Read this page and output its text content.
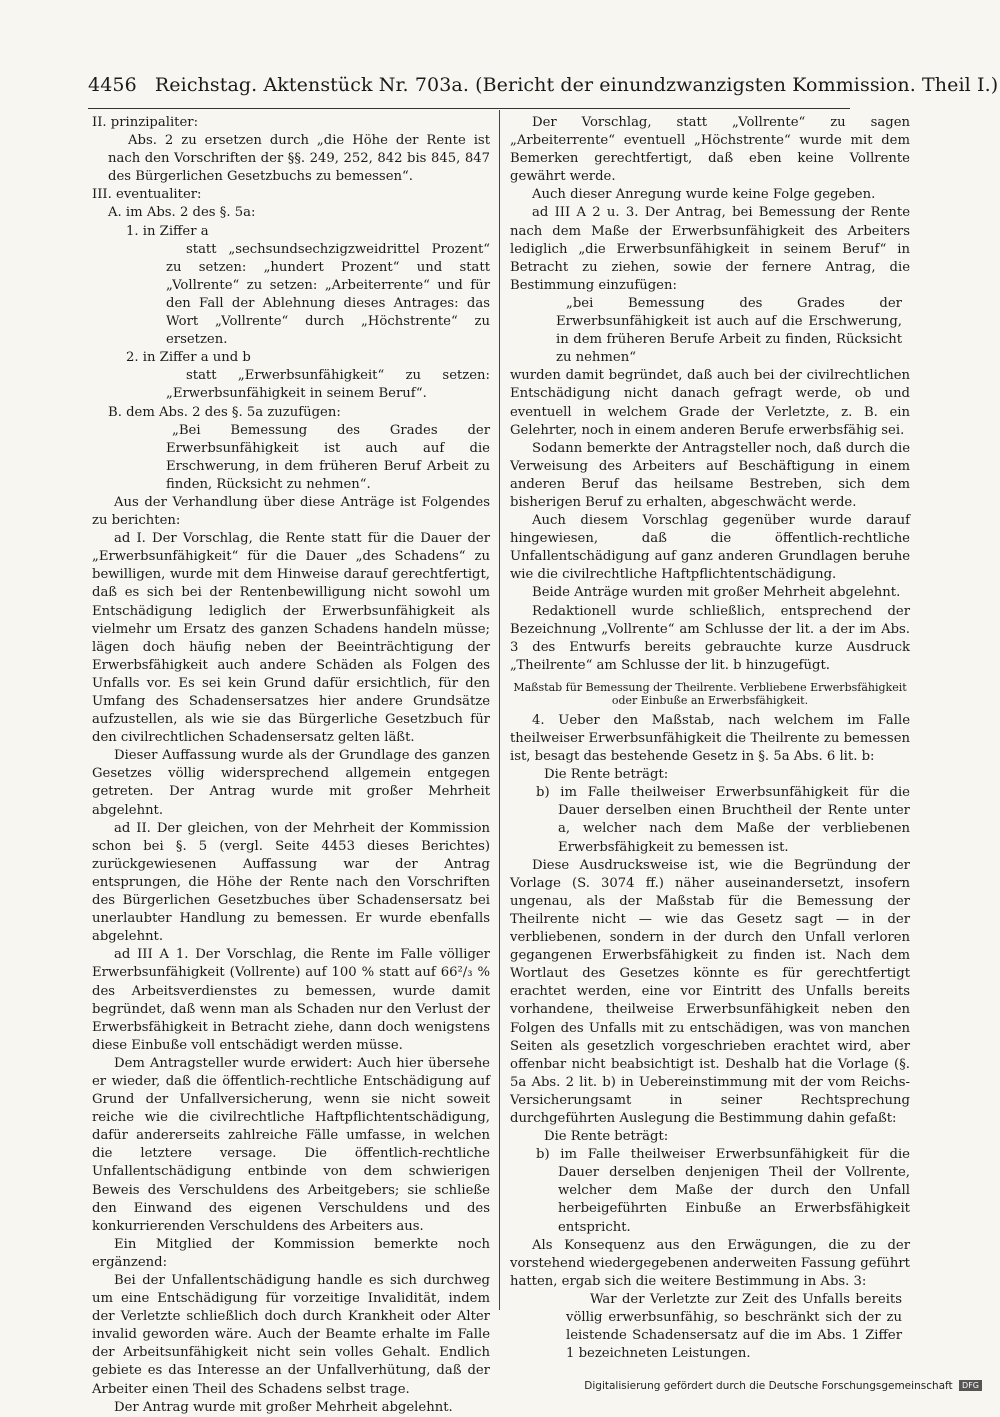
4456 Reichstag. Aktenstück Nr. 703a. (Bericht der einundzwanzigsten Kommission. Theil I.)

II. prinzipaliter:

Abs. 2 zu ersetzen durch „die Höhe der Rente ist nach den Vorschriften der §§. 249, 252, 842 bis 845, 847 des Bürgerlichen Gesetzbuchs zu bemessen“.

III. eventualiter:

A. im Abs. 2 des §. 5a:

1. in Ziffer a

statt „sechsundsechzigzweidrittel Prozent“ zu setzen: „hundert Prozent“ und statt „Vollrente“ zu setzen: „Arbeiterrente“ und für den Fall der Ablehnung dieses Antrages: das Wort „Vollrente“ durch „Höchstrente“ zu ersetzen.

2. in Ziffer a und b

statt „Erwerbsunfähigkeit“ zu setzen: „Erwerbsunfähigkeit in seinem Beruf“.

B. dem Abs. 2 des §. 5a zuzufügen:

„Bei Bemessung des Grades der Erwerbsunfähigkeit ist auch auf die Erschwerung, in dem früheren Beruf Arbeit zu finden, Rücksicht zu nehmen“.

Aus der Verhandlung über diese Anträge ist Folgendes zu berichten:

ad I. Der Vorschlag, die Rente statt für die Dauer der „Erwerbsunfähigkeit“ für die Dauer „des Schadens“ zu bewilligen, wurde mit dem Hinweise darauf gerechtfertigt, daß es sich bei der Rentenbewilligung nicht sowohl um Entschädigung lediglich der Erwerbsunfähigkeit als vielmehr um Ersatz des ganzen Schadens handeln müsse; lägen doch häufig neben der Beeinträchtigung der Erwerbsfähigkeit auch andere Schäden als Folgen des Unfalls vor. Es sei kein Grund dafür ersichtlich, für den Umfang des Schadensersatzes hier andere Grundsätze aufzustellen, als wie sie das Bürgerliche Gesetzbuch für den civilrechtlichen Schadensersatz gelten läßt.

Dieser Auffassung wurde als der Grundlage des ganzen Gesetzes völlig widersprechend allgemein entgegen getreten. Der Antrag wurde mit großer Mehrheit abgelehnt.

ad II. Der gleichen, von der Mehrheit der Kommission schon bei §. 5 (vergl. Seite 4453 dieses Berichtes) zurückgewiesenen Auffassung war der Antrag entsprungen, die Höhe der Rente nach den Vorschriften des Bürgerlichen Gesetzbuches über Schadensersatz bei unerlaubter Handlung zu bemessen. Er wurde ebenfalls abgelehnt.

ad III A 1. Der Vorschlag, die Rente im Falle völliger Erwerbsunfähigkeit (Vollrente) auf 100 % statt auf 66²/₃ % des Arbeitsverdienstes zu bemessen, wurde damit begründet, daß wenn man als Schaden nur den Verlust der Erwerbsfähigkeit in Betracht ziehe, dann doch wenigstens diese Einbuße voll entschädigt werden müsse.

Dem Antragsteller wurde erwidert: Auch hier übersehe er wieder, daß die öffentlich-rechtliche Entschädigung auf Grund der Unfallversicherung, wenn sie nicht soweit reiche wie die civilrechtliche Haftpflichtentschädigung, dafür andererseits zahlreiche Fälle umfasse, in welchen die letztere versage. Die öffentlich-rechtliche Unfallentschädigung entbinde von dem schwierigen Beweis des Verschuldens des Arbeitgebers; sie schließe den Einwand des eigenen Verschuldens und des konkurrierenden Verschuldens des Arbeiters aus.

Ein Mitglied der Kommission bemerkte noch ergänzend:

Bei der Unfallentschädigung handle es sich durchweg um eine Entschädigung für vorzeitige Invalidität, indem der Verletzte schließlich doch durch Krankheit oder Alter invalid geworden wäre. Auch der Beamte erhalte im Falle der Arbeitsunfähigkeit nicht sein volles Gehalt. Endlich gebiete es das Interesse an der Unfallverhütung, daß der Arbeiter einen Theil des Schadens selbst trage.

Der Antrag wurde mit großer Mehrheit abgelehnt.

Der Vorschlag, statt „Vollrente“ zu sagen „Arbeiterrente“ eventuell „Höchstrente“ wurde mit dem Bemerken gerechtfertigt, daß eben keine Vollrente gewährt werde.

Auch dieser Anregung wurde keine Folge gegeben.

ad III A 2 u. 3. Der Antrag, bei Bemessung der Rente nach dem Maße der Erwerbsunfähigkeit des Arbeiters lediglich „die Erwerbsunfähigkeit in seinem Beruf“ in Betracht zu ziehen, sowie der fernere Antrag, die Bestimmung einzufügen:

„bei Bemessung des Grades der Erwerbsunfähigkeit ist auch auf die Erschwerung, in dem früheren Berufe Arbeit zu finden, Rücksicht zu nehmen“

wurden damit begründet, daß auch bei der civilrechtlichen Entschädigung nicht danach gefragt werde, ob und eventuell in welchem Grade der Verletzte, z. B. ein Gelehrter, noch in einem anderen Berufe erwerbsfähig sei.

Sodann bemerkte der Antragsteller noch, daß durch die Verweisung des Arbeiters auf Beschäftigung in einem anderen Beruf das heilsame Bestreben, sich dem bisherigen Beruf zu erhalten, abgeschwächt werde.

Auch diesem Vorschlag gegenüber wurde darauf hingewiesen, daß die öffentlich-rechtliche Unfallentschädigung auf ganz anderen Grundlagen beruhe wie die civilrechtliche Haftpflichtentschädigung.

Beide Anträge wurden mit großer Mehrheit abgelehnt.

Redaktionell wurde schließlich, entsprechend der Bezeichnung „Vollrente“ am Schlusse der lit. a der im Abs. 3 des Entwurfs bereits gebrauchte kurze Ausdruck „Theilrente“ am Schlusse der lit. b hinzugefügt.

Maßstab für Bemessung der Theilrente. Verbliebene Erwerbsfähigkeit oder Einbuße an Erwerbsfähigkeit.

4. Ueber den Maßstab, nach welchem im Falle theilweiser Erwerbsunfähigkeit die Theilrente zu bemessen ist, besagt das bestehende Gesetz in §. 5a Abs. 6 lit. b:

Die Rente beträgt:

b) im Falle theilweiser Erwerbsunfähigkeit für die Dauer derselben einen Bruchtheil der Rente unter a, welcher nach dem Maße der verbliebenen Erwerbsfähigkeit zu bemessen ist.

Diese Ausdrucksweise ist, wie die Begründung der Vorlage (S. 3074 ff.) näher auseinandersetzt, insofern ungenau, als der Maßstab für die Bemessung der Theilrente nicht — wie das Gesetz sagt — in der verbliebenen, sondern in der durch den Unfall verloren gegangenen Erwerbsfähigkeit zu finden ist. Nach dem Wortlaut des Gesetzes könnte es für gerechtfertigt erachtet werden, eine vor Eintritt des Unfalls bereits vorhandene, theilweise Erwerbsunfähigkeit neben den Folgen des Unfalls mit zu entschädigen, was von manchen Seiten als gesetzlich vorgeschrieben erachtet wird, aber offenbar nicht beabsichtigt ist. Deshalb hat die Vorlage (§. 5a Abs. 2 lit. b) in Uebereinstimmung mit der vom Reichs-Versicherungsamt in seiner Rechtsprechung durchgeführten Auslegung die Bestimmung dahin gefaßt:

Die Rente beträgt:

b) im Falle theilweiser Erwerbsunfähigkeit für die Dauer derselben denjenigen Theil der Vollrente, welcher dem Maße der durch den Unfall herbeigeführten Einbuße an Erwerbsfähigkeit entspricht.

Als Konsequenz aus den Erwägungen, die zu der vorstehend wiedergegebenen anderweiten Fassung geführt hatten, ergab sich die weitere Bestimmung in Abs. 3:

War der Verletzte zur Zeit des Unfalls bereits völlig erwerbsunfähig, so beschränkt sich der zu leistende Schadensersatz auf die im Abs. 1 Ziffer 1 bezeichneten Leistungen.

Digitalisierung gefördert durch die Deutsche Forschungsgemeinschaft DFG
